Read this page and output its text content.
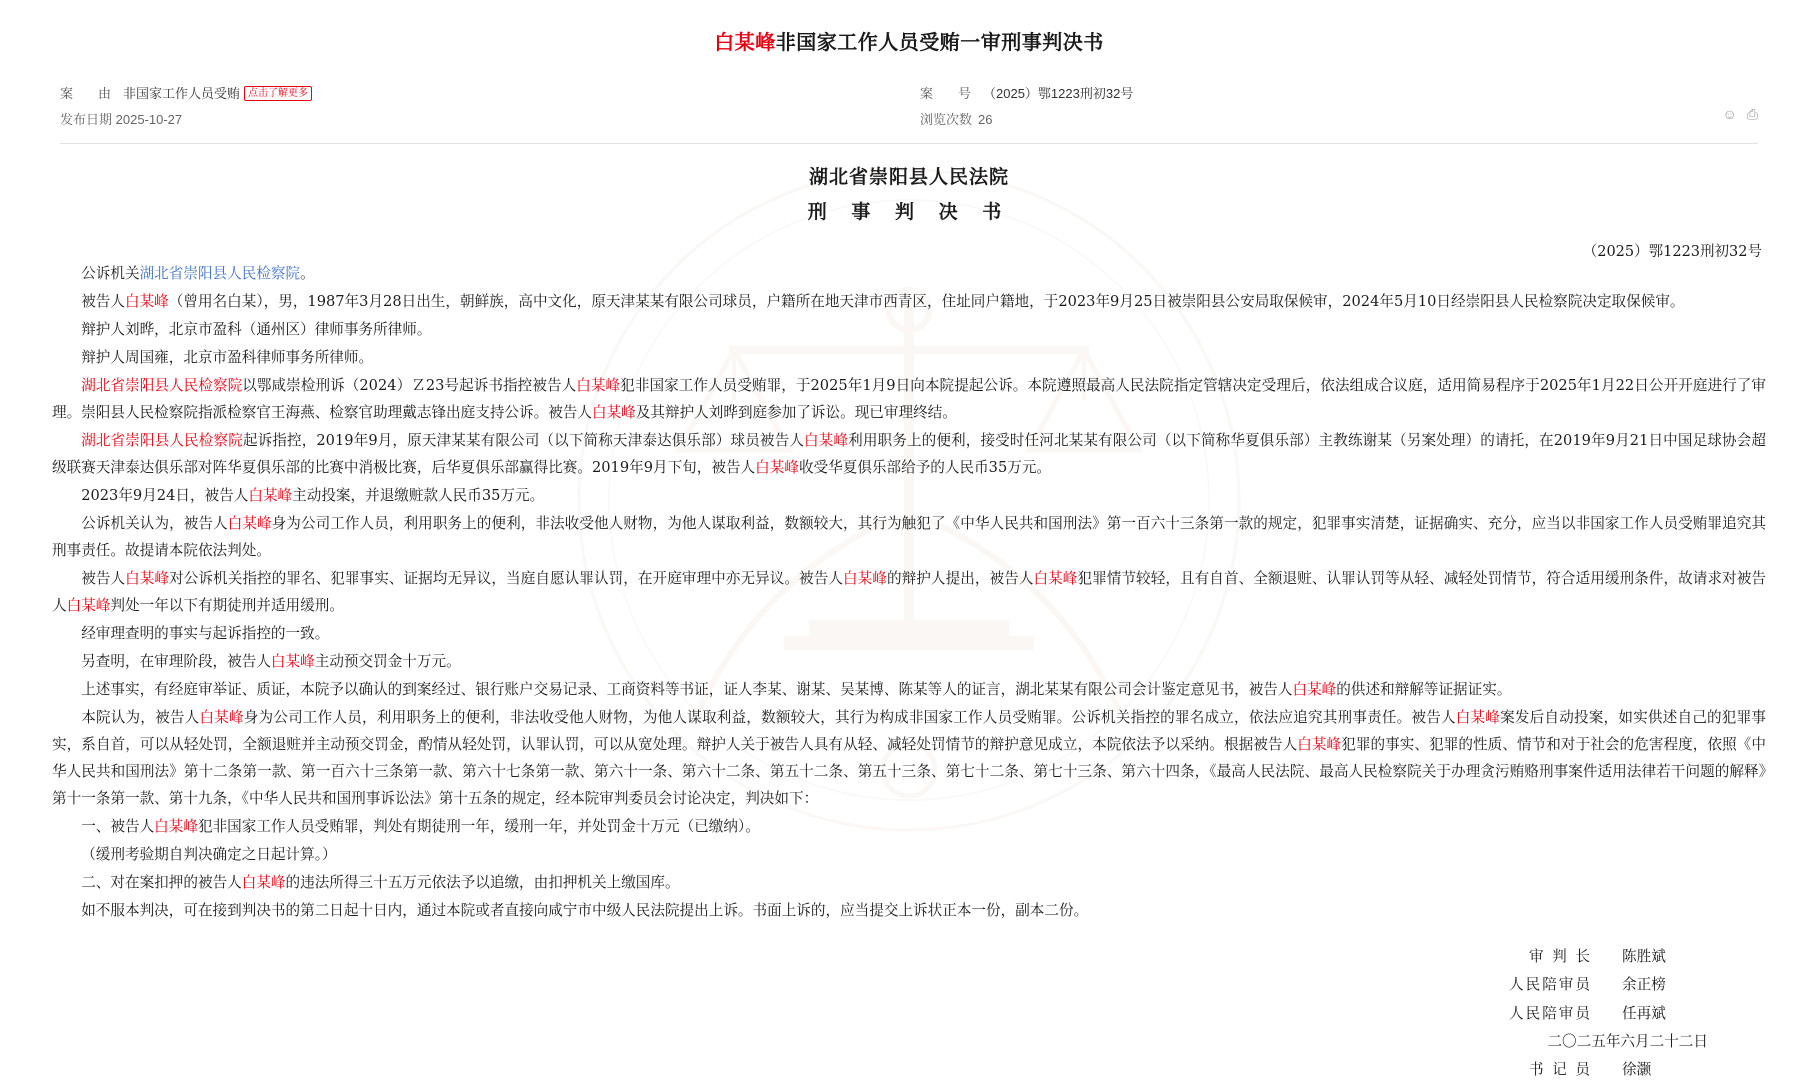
白某峰非国家工作人员受贿一审刑事判决书
案　由 非国家工作人员受贿 点击了解更多	案　号 （2025）鄂1223刑初32号
发布日期 2025-10-27	浏览次数 26	☺ ⎙
湖北省崇阳县人民法院
刑 事 判 决 书
（2025）鄂1223刑初32号

公诉机关湖北省崇阳县人民检察院。

被告人白某峰（曾用名白某），男，1987年3月28日出生，朝鲜族，高中文化，原天津某某有限公司球员，户籍所在地天津市西青区，住址同户籍地，于2023年9月25日被崇阳县公安局取保候审，2024年5月10日经崇阳县人民检察院决定取保候审。

辩护人刘晔，北京市盈科（通州区）律师事务所律师。

辩护人周国雍，北京市盈科律师事务所律师。

湖北省崇阳县人民检察院以鄂咸崇检刑诉（2024）Ｚ23号起诉书指控被告人白某峰犯非国家工作人员受贿罪，于2025年1月9日向本院提起公诉。本院遵照最高人民法院指定管辖决定受理后，依法组成合议庭，适用简易程序于2025年1月22日公开开庭进行了审理。崇阳县人民检察院指派检察官王海燕、检察官助理戴志锋出庭支持公诉。被告人白某峰及其辩护人刘晔到庭参加了诉讼。现已审理终结。

湖北省崇阳县人民检察院起诉指控，2019年9月，原天津某某有限公司（以下简称天津泰达俱乐部）球员被告人白某峰利用职务上的便利，接受时任河北某某有限公司（以下简称华夏俱乐部）主教练谢某（另案处理）的请托，在2019年9月21日中国足球协会超级联赛天津泰达俱乐部对阵华夏俱乐部的比赛中消极比赛，后华夏俱乐部赢得比赛。2019年9月下旬，被告人白某峰收受华夏俱乐部给予的人民币35万元。

2023年9月24日，被告人白某峰主动投案，并退缴赃款人民币35万元。

公诉机关认为，被告人白某峰身为公司工作人员，利用职务上的便利，非法收受他人财物，为他人谋取利益，数额较大，其行为触犯了《中华人民共和国刑法》第一百六十三条第一款的规定，犯罪事实清楚，证据确实、充分，应当以非国家工作人员受贿罪追究其刑事责任。故提请本院依法判处。

被告人白某峰对公诉机关指控的罪名、犯罪事实、证据均无异议，当庭自愿认罪认罚，在开庭审理中亦无异议。被告人白某峰的辩护人提出，被告人白某峰犯罪情节较轻，且有自首、全额退赃、认罪认罚等从轻、减轻处罚情节，符合适用缓刑条件，故请求对被告人白某峰判处一年以下有期徒刑并适用缓刑。

经审理查明的事实与起诉指控的一致。

另查明，在审理阶段，被告人白某峰主动预交罚金十万元。

上述事实，有经庭审举证、质证，本院予以确认的到案经过、银行账户交易记录、工商资料等书证，证人李某、谢某、吴某博、陈某等人的证言，湖北某某有限公司会计鉴定意见书，被告人白某峰的供述和辩解等证据证实。

本院认为，被告人白某峰身为公司工作人员，利用职务上的便利，非法收受他人财物，为他人谋取利益，数额较大，其行为构成非国家工作人员受贿罪。公诉机关指控的罪名成立，依法应追究其刑事责任。被告人白某峰案发后自动投案，如实供述自己的犯罪事实，系自首，可以从轻处罚，全额退赃并主动预交罚金，酌情从轻处罚，认罪认罚，可以从宽处理。辩护人关于被告人具有从轻、减轻处罚情节的辩护意见成立，本院依法予以采纳。根据被告人白某峰犯罪的事实、犯罪的性质、情节和对于社会的危害程度，依照《中华人民共和国刑法》第十二条第一款、第一百六十三条第一款、第六十七条第一款、第六十一条、第六十二条、第五十二条、第五十三条、第七十二条、第七十三条、第六十四条，《最高人民法院、最高人民检察院关于办理贪污贿赂刑事案件适用法律若干问题的解释》第十一条第一款、第十九条，《中华人民共和国刑事诉讼法》第十五条的规定，经本院审判委员会讨论决定，判决如下：

一、被告人白某峰犯非国家工作人员受贿罪，判处有期徒刑一年，缓刑一年，并处罚金十万元（已缴纳）。

（缓刑考验期自判决确定之日起计算。）

二、对在案扣押的被告人白某峰的违法所得三十五万元依法予以追缴，由扣押机关上缴国库。

如不服本判决，可在接到判决书的第二日起十日内，通过本院或者直接向咸宁市中级人民法院提出上诉。书面上诉的，应当提交上诉状正本一份，副本二份。

审 判 长 陈胜斌
人民陪审员 余正榜
人民陪审员 任再斌
二〇二五年六月二十二日
书 记 员 徐灏
